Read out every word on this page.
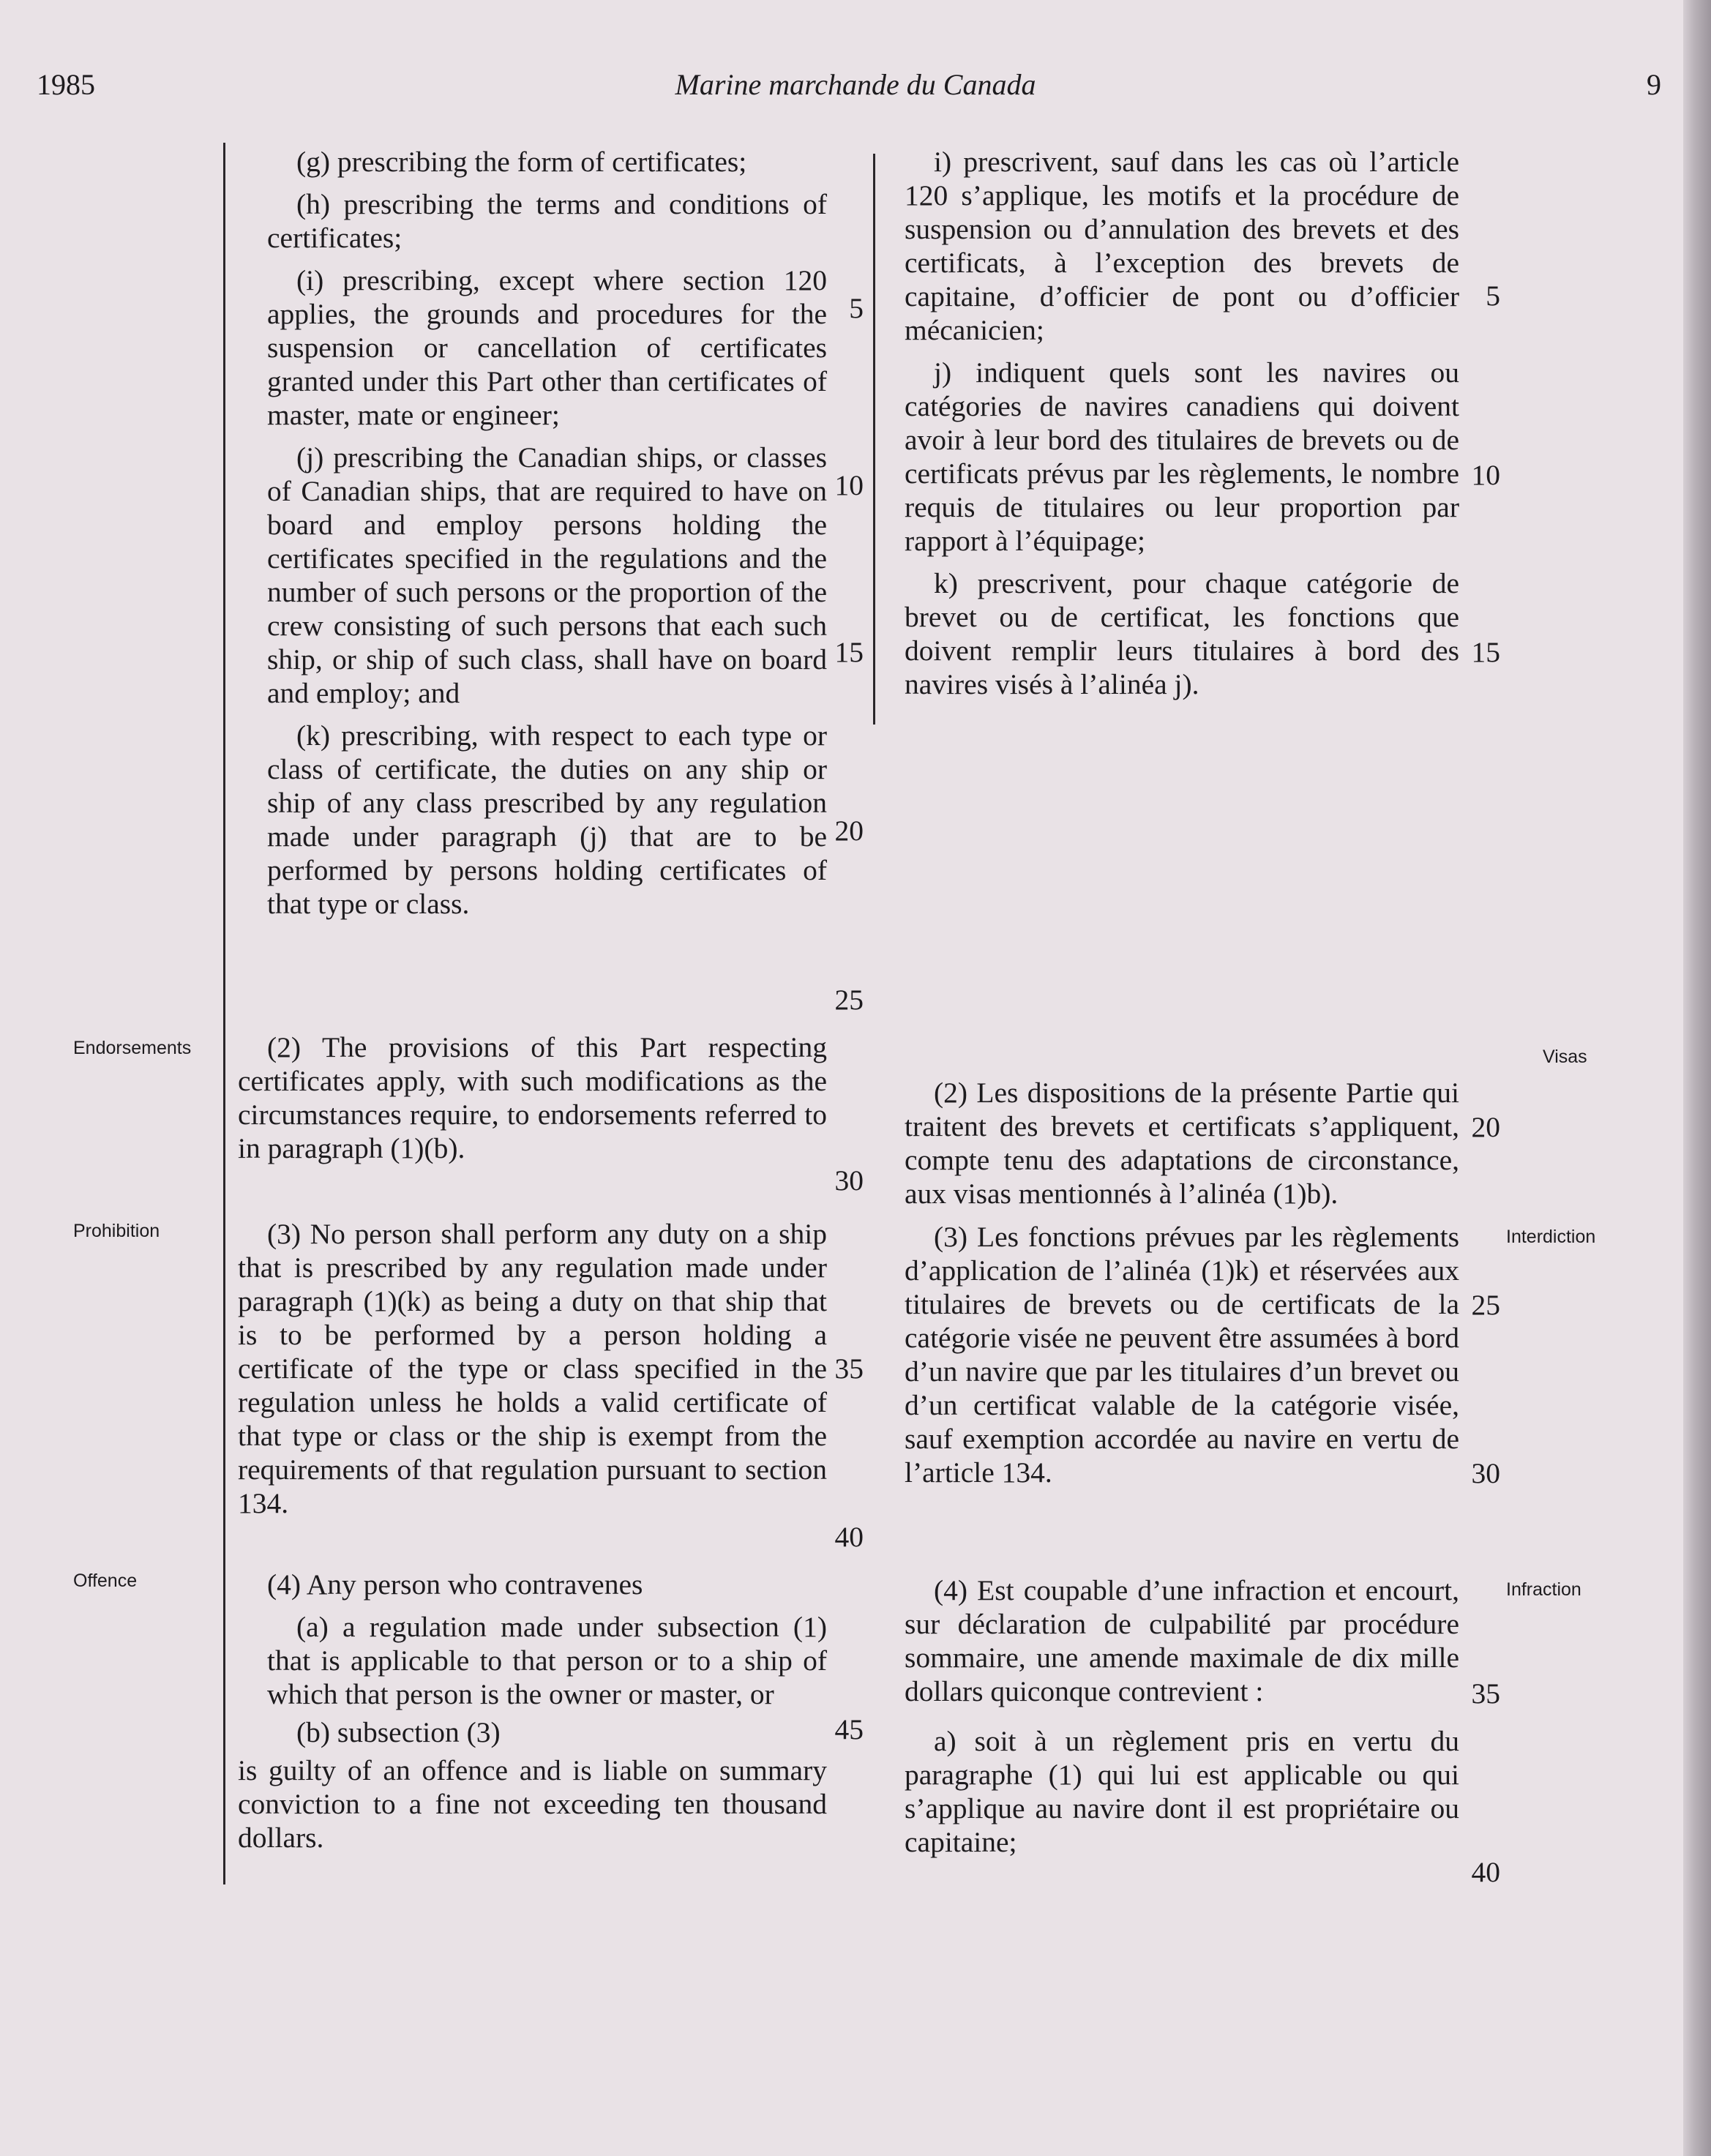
1985	Marine marchande du Canada	9

(g) prescribing the form of certificates;

(h) prescribing the terms and conditions of certificates;

(i) prescribing, except where section 120 applies, the grounds and procedures for the suspension or cancellation of certificates granted under this Part other than certificates of master, mate or engineer;

(j) prescribing the Canadian ships, or classes of Canadian ships, that are required to have on board and employ persons holding the certificates specified in the regulations and the number of such persons or the proportion of the crew consisting of such persons that each such ship, or ship of such class, shall have on board and employ; and

(k) prescribing, with respect to each type or class of certificate, the duties on any ship or ship of any class prescribed by any regulation made under paragraph (j) that are to be performed by persons holding certificates of that type or class.

(2) The provisions of this Part respecting certificates apply, with such modifications as the circumstances require, to endorsements referred to in paragraph (1)(b).

(3) No person shall perform any duty on a ship that is prescribed by any regulation made under paragraph (1)(k) as being a duty on that ship that is to be performed by a person holding a certificate of the type or class specified in the regulation unless he holds a valid certificate of that type or class or the ship is exempt from the requirements of that regulation pursuant to section 134.

(4) Any person who contravenes

(a) a regulation made under subsection (1) that is applicable to that person or to a ship of which that person is the owner or master, or

(b) subsection (3)

is guilty of an offence and is liable on summary conviction to a fine not exceeding ten thousand dollars.

5
10
15
20
25
30
35
40
45
Endorsements
Prohibition
Offence

i) prescrivent, sauf dans les cas où l’article 120 s’applique, les motifs et la procédure de suspension ou d’annulation des brevets et des certificats, à l’exception des brevets de capitaine, d’officier de pont ou d’officier mécanicien;

j) indiquent quels sont les navires ou catégories de navires canadiens qui doivent avoir à leur bord des titulaires de brevets ou de certificats prévus par les règlements, le nombre requis de titulaires ou leur proportion par rapport à l’équipage;

k) prescrivent, pour chaque catégorie de brevet ou de certificat, les fonctions que doivent remplir leurs titulaires à bord des navires visés à l’alinéa j).

(2) Les dispositions de la présente Partie qui traitent des brevets et certificats s’appliquent, compte tenu des adaptations de circonstance, aux visas mentionnés à l’alinéa (1)b).

(3) Les fonctions prévues par les règlements d’application de l’alinéa (1)k) et réservées aux titulaires de brevets ou de certificats de la catégorie visée ne peuvent être assumées à bord d’un navire que par les titulaires d’un brevet ou d’un certificat valable de la catégorie visée, sauf exemption accordée au navire en vertu de l’article 134.

(4) Est coupable d’une infraction et encourt, sur déclaration de culpabilité par procédure sommaire, une amende maximale de dix mille dollars quiconque contrevient :

a) soit à un règlement pris en vertu du paragraphe (1) qui lui est applicable ou qui s’applique au navire dont il est propriétaire ou capitaine;

5
10
15
20
25
30
35
40
Visas
Interdiction
Infraction
